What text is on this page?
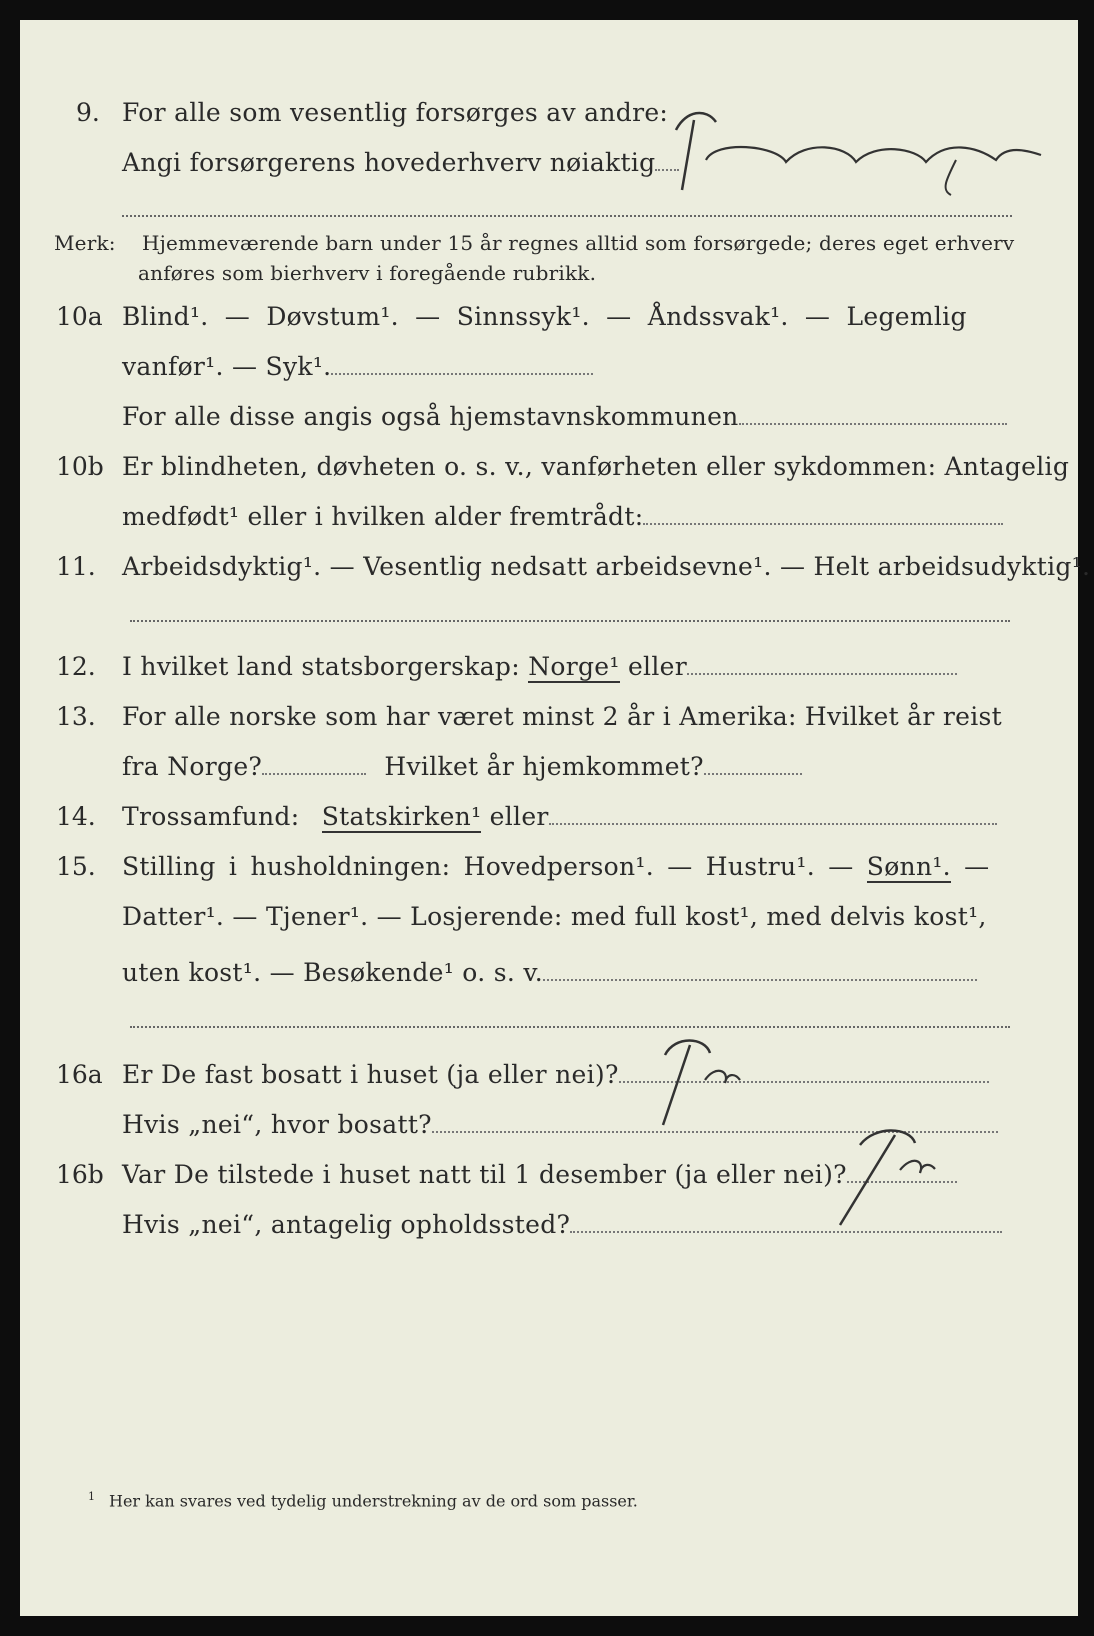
9. For alle som vesentlig forsørges av andre:
Angi forsørgerens hovederhverv nøiaktig
Merk: Hjemmeværende barn under 15 år regnes alltid som forsørgede; deres eget erhverv
anføres som bierhverv i foregående rubrikk.
10a Blind¹. — Døvstum¹. — Sinnssyk¹. — Åndssvak¹. — Legemlig
vanfør¹. — Syk¹.
For alle disse angis også hjemstavnskommunen
10b Er blindheten, døvheten o. s. v., vanførheten eller sykdommen: Antagelig
medfødt¹ eller i hvilken alder fremtrådt:
11. Arbeidsdyktig¹. — Vesentlig nedsatt arbeidsevne¹. — Helt arbeidsudyktig¹.
12. I hvilket land statsborgerskap: Norge¹ eller
13. For alle norske som har været minst 2 år i Amerika: Hvilket år reist
fra Norge?	Hvilket år hjemkommet?
14. Trossamfund: Statskirken¹ eller
15. Stilling i husholdningen: Hovedperson¹. — Hustru¹. — Sønn¹. —
Datter¹. — Tjener¹. — Losjerende: med full kost¹, med delvis kost¹,
uten kost¹. — Besøkende¹ o. s. v.
16a Er De fast bosatt i huset (ja eller nei)?
Hvis „nei“, hvor bosatt?
16b Var De tilstede i huset natt til 1 desember (ja eller nei)?
Hvis „nei“, antagelig opholdssted?
$^1$ Her kan svares ved tydelig understrekning av de ord som passer.
